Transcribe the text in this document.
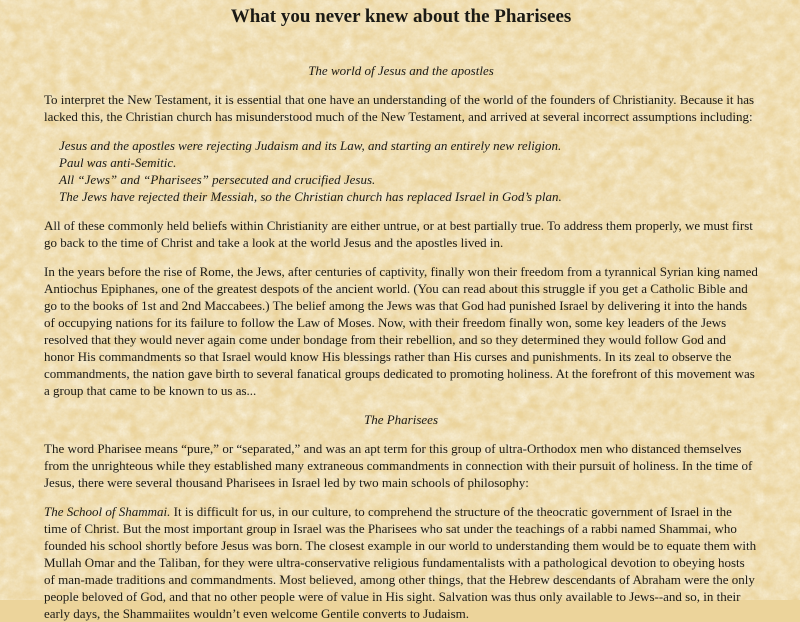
What you never knew about the Pharisees

The world of Jesus and the apostles

To interpret the New Testament, it is essential that one have an understanding of the world of the founders of Christianity. Because it has lacked this, the Christian church has misunderstood much of the New Testament, and arrived at several incorrect assumptions including:

Jesus and the apostles were rejecting Judaism and its Law, and starting an entirely new religion.

Paul was anti-Semitic.

All “Jews” and “Pharisees” persecuted and crucified Jesus.

The Jews have rejected their Messiah, so the Christian church has replaced Israel in God’s plan.

All of these commonly held beliefs within Christianity are either untrue, or at best partially true. To address them properly, we must first go back to the time of Christ and take a look at the world Jesus and the apostles lived in.

In the years before the rise of Rome, the Jews, after centuries of captivity, finally won their freedom from a tyrannical Syrian king named Antiochus Epiphanes, one of the greatest despots of the ancient world. (You can read about this struggle if you get a Catholic Bible and go to the books of 1st and 2nd Maccabees.) The belief among the Jews was that God had punished Israel by delivering it into the hands of occupying nations for its failure to follow the Law of Moses. Now, with their freedom finally won, some key leaders of the Jews resolved that they would never again come under bondage from their rebellion, and so they determined they would follow God and honor His commandments so that Israel would know His blessings rather than His curses and punishments. In its zeal to observe the commandments, the nation gave birth to several fanatical groups dedicated to promoting holiness. At the forefront of this movement was a group that came to be known to us as...

The Pharisees

The word Pharisee means “pure,” or “separated,” and was an apt term for this group of ultra-Orthodox men who distanced themselves from the unrighteous while they established many extraneous commandments in connection with their pursuit of holiness. In the time of Jesus, there were several thousand Pharisees in Israel led by two main schools of philosophy:

The School of Shammai. It is difficult for us, in our culture, to comprehend the structure of the theocratic government of Israel in the time of Christ. But the most important group in Israel was the Pharisees who sat under the teachings of a rabbi named Shammai, who founded his school shortly before Jesus was born. The closest example in our world to understanding them would be to equate them with Mullah Omar and the Taliban, for they were ultra-conservative religious fundamentalists with a pathological devotion to obeying hosts of man-made traditions and commandments. Most believed, among other things, that the Hebrew descendants of Abraham were the only people beloved of God, and that no other people were of value in His sight. Salvation was thus only available to Jews--and so, in their early days, the Shammaiites wouldn’t even welcome Gentile converts to Judaism.
